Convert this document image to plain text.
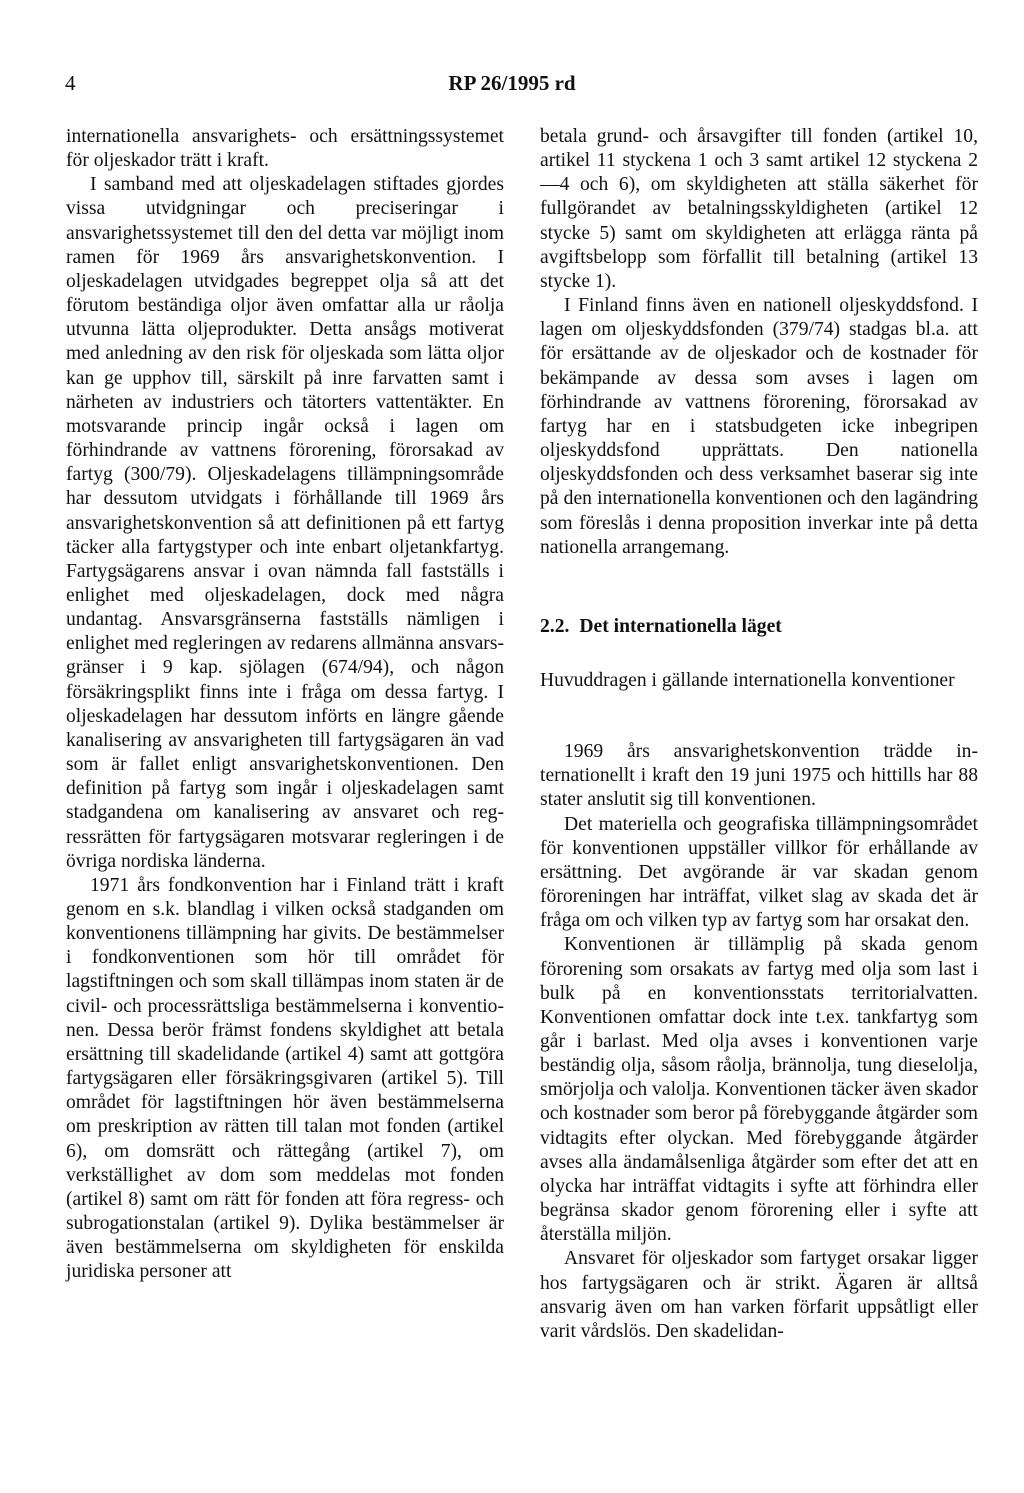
4	RP 26/1995 rd

internationella ansvarighets- och ersättningssystemet för oljeskador trätt i kraft.

I samband med att oljeskadelagen stiftades gjordes vissa utvidgningar och preciseringar i ansvarighetssystemet till den del detta var möjligt inom ramen för 1969 års ansvarighetskonvention. I oljeskadelagen utvidgades begreppet olja så att det förutom beständiga oljor även omfattar alla ur råolja utvunna lätta oljeprodukter. Detta ansågs motiverat med anledning av den risk för oljeskada som lätta oljor kan ge upphov till, särskilt på inre farvatten samt i närheten av industriers och tätorters vattentäkter. En motsvarande princip ingår också i lagen om förhindrande av vattnens förorening, förorsakad av fartyg (300/79). Oljeskadelagens tillämpningsområde har dessutom utvidgats i förhållande till 1969 års ansvarighetskonvention så att definitionen på ett fartyg täcker alla fartygstyper och inte enbart oljetankfartyg. Fartygsägarens ansvar i ovan nämnda fall fastställs i enlighet med oljeskadelagen, dock med några undantag. Ansvarsgränserna fastställs nämligen i enlighet med regleringen av redarens allmänna ansvarsgränser i 9 kap. sjölagen (674/94), och någon försäkringsplikt finns inte i fråga om dessa fartyg. I oljeskadelagen har dessutom införts en längre gående kanalisering av ansvarigheten till fartygsägaren än vad som är fallet enligt ansvarighetskonventionen. Den definition på fartyg som ingår i oljeskadelagen samt stadgandena om kanalisering av ansvaret och regressrätten för fartygsägaren motsvarar regleringen i de övriga nordiska länderna.

1971 års fondkonvention har i Finland trätt i kraft genom en s.k. blandlag i vilken också stadganden om konventionens tillämpning har givits. De bestämmelser i fondkonventionen som hör till området för lagstiftningen och som skall tillämpas inom staten är de civil- och processrättsliga bestämmelserna i konventionen. Dessa berör främst fondens skyldighet att betala ersättning till skadelidande (artikel 4) samt att gottgöra fartygsägaren eller försäkringsgivaren (artikel 5). Till området för lagstiftningen hör även bestämmelserna om preskription av rätten till talan mot fonden (artikel 6), om domsrätt och rättegång (artikel 7), om verkställighet av dom som meddelas mot fonden (artikel 8) samt om rätt för fonden att föra regress- och subrogationstalan (artikel 9). Dylika bestämmelser är även bestämmelserna om skyldigheten för enskilda juridiska personer att

betala grund- och årsavgifter till fonden (artikel 10, artikel 11 styckena 1 och 3 samt artikel 12 styckena 2—4 och 6), om skyldigheten att ställa säkerhet för fullgörandet av betalningsskyldigheten (artikel 12 stycke 5) samt om skyldigheten att erlägga ränta på avgiftsbelopp som förfallit till betalning (artikel 13 stycke 1).

I Finland finns även en nationell oljeskyddsfond. I lagen om oljeskyddsfonden (379/74) stadgas bl.a. att för ersättande av de oljeskador och de kostnader för bekämpande av dessa som avses i lagen om förhindrande av vattnens förorening, förorsakad av fartyg har en i statsbudgeten icke inbegripen oljeskyddsfond upprättats. Den nationella oljeskyddsfonden och dess verksamhet baserar sig inte på den internationella konventionen och den lagändring som föreslås i denna proposition inverkar inte på detta nationella arrangemang.

2.2. Det internationella läget

Huvuddragen i gällande internationella konventioner

1969 års ansvarighetskonvention trädde internationellt i kraft den 19 juni 1975 och hittills har 88 stater anslutit sig till konventionen.

Det materiella och geografiska tillämpningsområdet för konventionen uppställer villkor för erhållande av ersättning. Det avgörande är var skadan genom föroreningen har inträffat, vilket slag av skada det är fråga om och vilken typ av fartyg som har orsakat den.

Konventionen är tillämplig på skada genom förorening som orsakats av fartyg med olja som last i bulk på en konventionsstats territorialvatten. Konventionen omfattar dock inte t.ex. tankfartyg som går i barlast. Med olja avses i konventionen varje beständig olja, såsom råolja, brännolja, tung dieselolja, smörjolja och valolja. Konventionen täcker även skador och kostnader som beror på förebyggande åtgärder som vidtagits efter olyckan. Med förebyggande åtgärder avses alla ändamålsenliga åtgärder som efter det att en olycka har inträffat vidtagits i syfte att förhindra eller begränsa skador genom förorening eller i syfte att återställa miljön.

Ansvaret för oljeskador som fartyget orsakar ligger hos fartygsägaren och är strikt. Ägaren är alltså ansvarig även om han varken förfarit uppsåtligt eller varit vårdslös. Den skadelidan-
